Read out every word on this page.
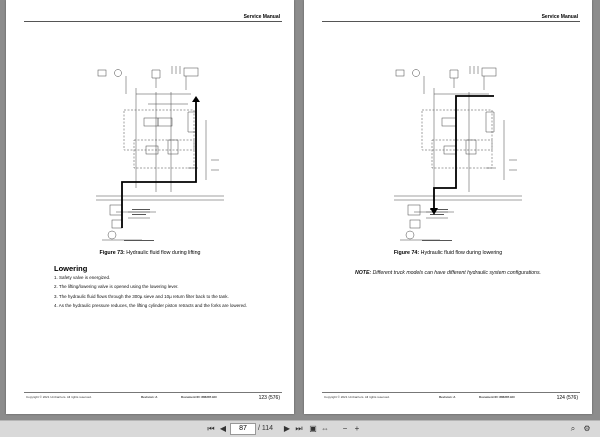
Service Manual
Figure 73: Hydraulic fluid flow during lifting
Lowering
1. Safety valve is energized.
2. The lifting/lowering valve is opened using the lowering lever.
3. The hydraulic fluid flows through the 300µ sieve and 10µ return filter back to the tank.
4. As the hydraulic pressure reduces, the lifting cylinder piston retracts and the forks are lowered.
Copyright © 2021 UniCarriers. All rights reserved.	Revision: A	Document ID: 886287-EN	123 (576)
Service Manual
Figure 74: Hydraulic fluid flow during lowering
NOTE: Different truck models can have different hydraulic system configurations.
Copyright © 2021 UniCarriers. All rights reserved.	Revision: A	Document ID: 886287-EN	124 (576)
⏮ ◀	87	/ 114 ▶ ⏭ ▣ ⇔	− +	⌕	⚙
